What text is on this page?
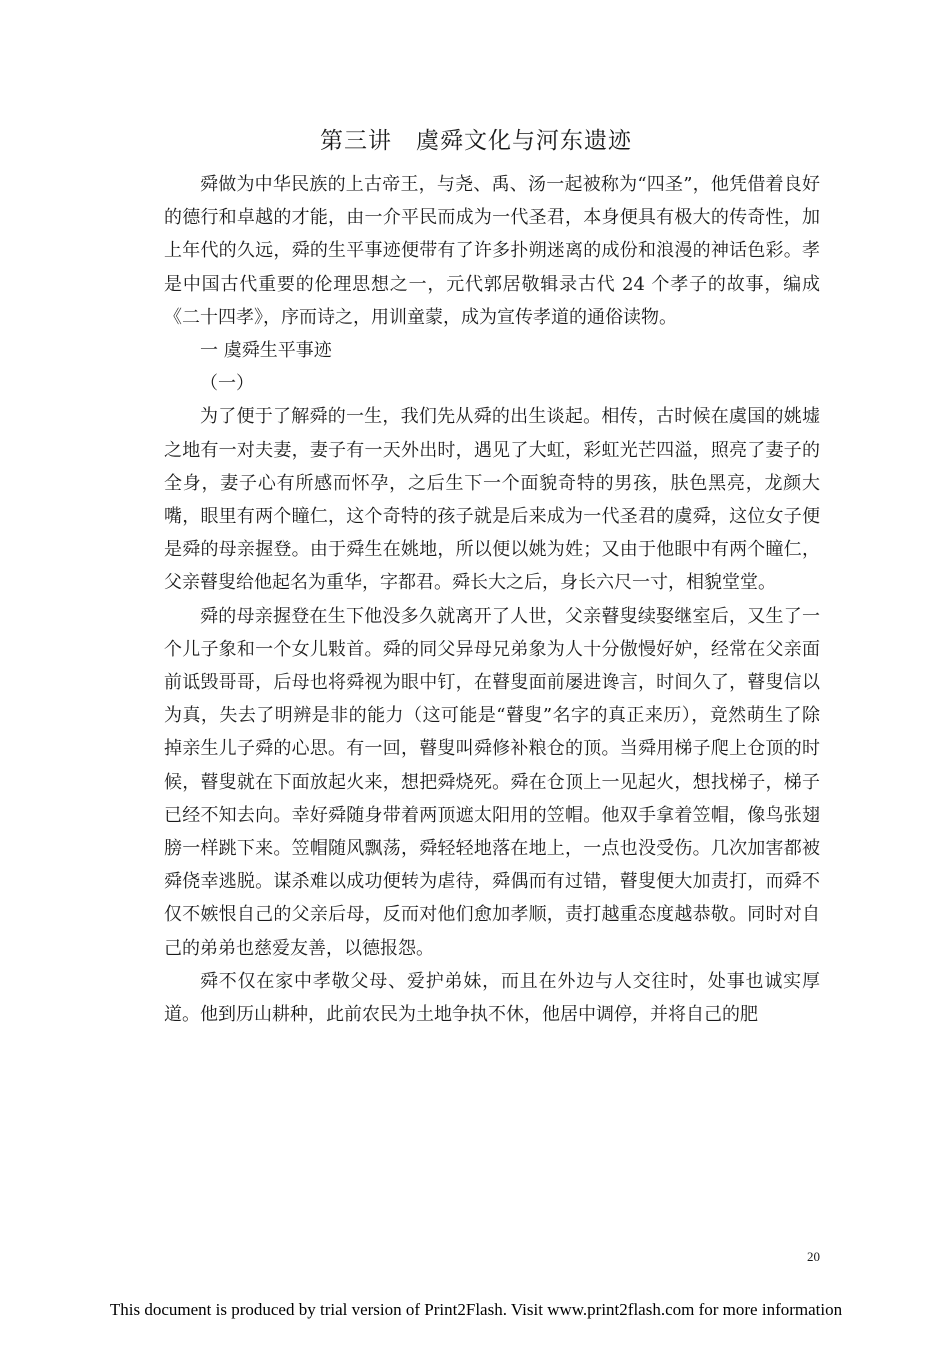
第三讲　虞舜文化与河东遗迹

舜做为中华民族的上古帝王，与尧、禹、汤一起被称为“四圣”，他凭借着良好的德行和卓越的才能，由一介平民而成为一代圣君，本身便具有极大的传奇性，加上年代的久远，舜的生平事迹便带有了许多扑朔迷离的成份和浪漫的神话色彩。孝是中国古代重要的伦理思想之一，元代郭居敬辑录古代 24 个孝子的故事，编成《二十四孝》，序而诗之，用训童蒙，成为宣传孝道的通俗读物。

一 虞舜生平事迹

（一）

为了便于了解舜的一生，我们先从舜的出生谈起。相传，古时候在虞国的姚墟之地有一对夫妻，妻子有一天外出时，遇见了大虹，彩虹光芒四溢，照亮了妻子的全身，妻子心有所感而怀孕，之后生下一个面貌奇特的男孩，肤色黑亮，龙颜大嘴，眼里有两个瞳仁，这个奇特的孩子就是后来成为一代圣君的虞舜，这位女子便是舜的母亲握登。由于舜生在姚地，所以便以姚为姓；又由于他眼中有两个瞳仁，父亲瞽叟给他起名为重华，字都君。舜长大之后，身长六尺一寸，相貌堂堂。

舜的母亲握登在生下他没多久就离开了人世，父亲瞽叟续娶继室后，又生了一个儿子象和一个女儿敤首。舜的同父异母兄弟象为人十分傲慢好妒，经常在父亲面前诋毁哥哥，后母也将舜视为眼中钉，在瞽叟面前屡进谗言，时间久了，瞽叟信以为真，失去了明辨是非的能力（这可能是“瞽叟”名字的真正来历），竟然萌生了除掉亲生儿子舜的心思。有一回，瞽叟叫舜修补粮仓的顶。当舜用梯子爬上仓顶的时候，瞽叟就在下面放起火来，想把舜烧死。舜在仓顶上一见起火，想找梯子，梯子已经不知去向。幸好舜随身带着两顶遮太阳用的笠帽。他双手拿着笠帽，像鸟张翅膀一样跳下来。笠帽随风飘荡，舜轻轻地落在地上，一点也没受伤。几次加害都被舜侥幸逃脱。谋杀难以成功便转为虐待，舜偶而有过错，瞽叟便大加责打，而舜不仅不嫉恨自己的父亲后母，反而对他们愈加孝顺，责打越重态度越恭敬。同时对自己的弟弟也慈爱友善，以德报怨。

舜不仅在家中孝敬父母、爱护弟妹，而且在外边与人交往时，处事也诚实厚道。他到历山耕种，此前农民为土地争执不休，他居中调停，并将自己的肥

20
This document is produced by trial version of Print2Flash. Visit www.print2flash.com for more information
